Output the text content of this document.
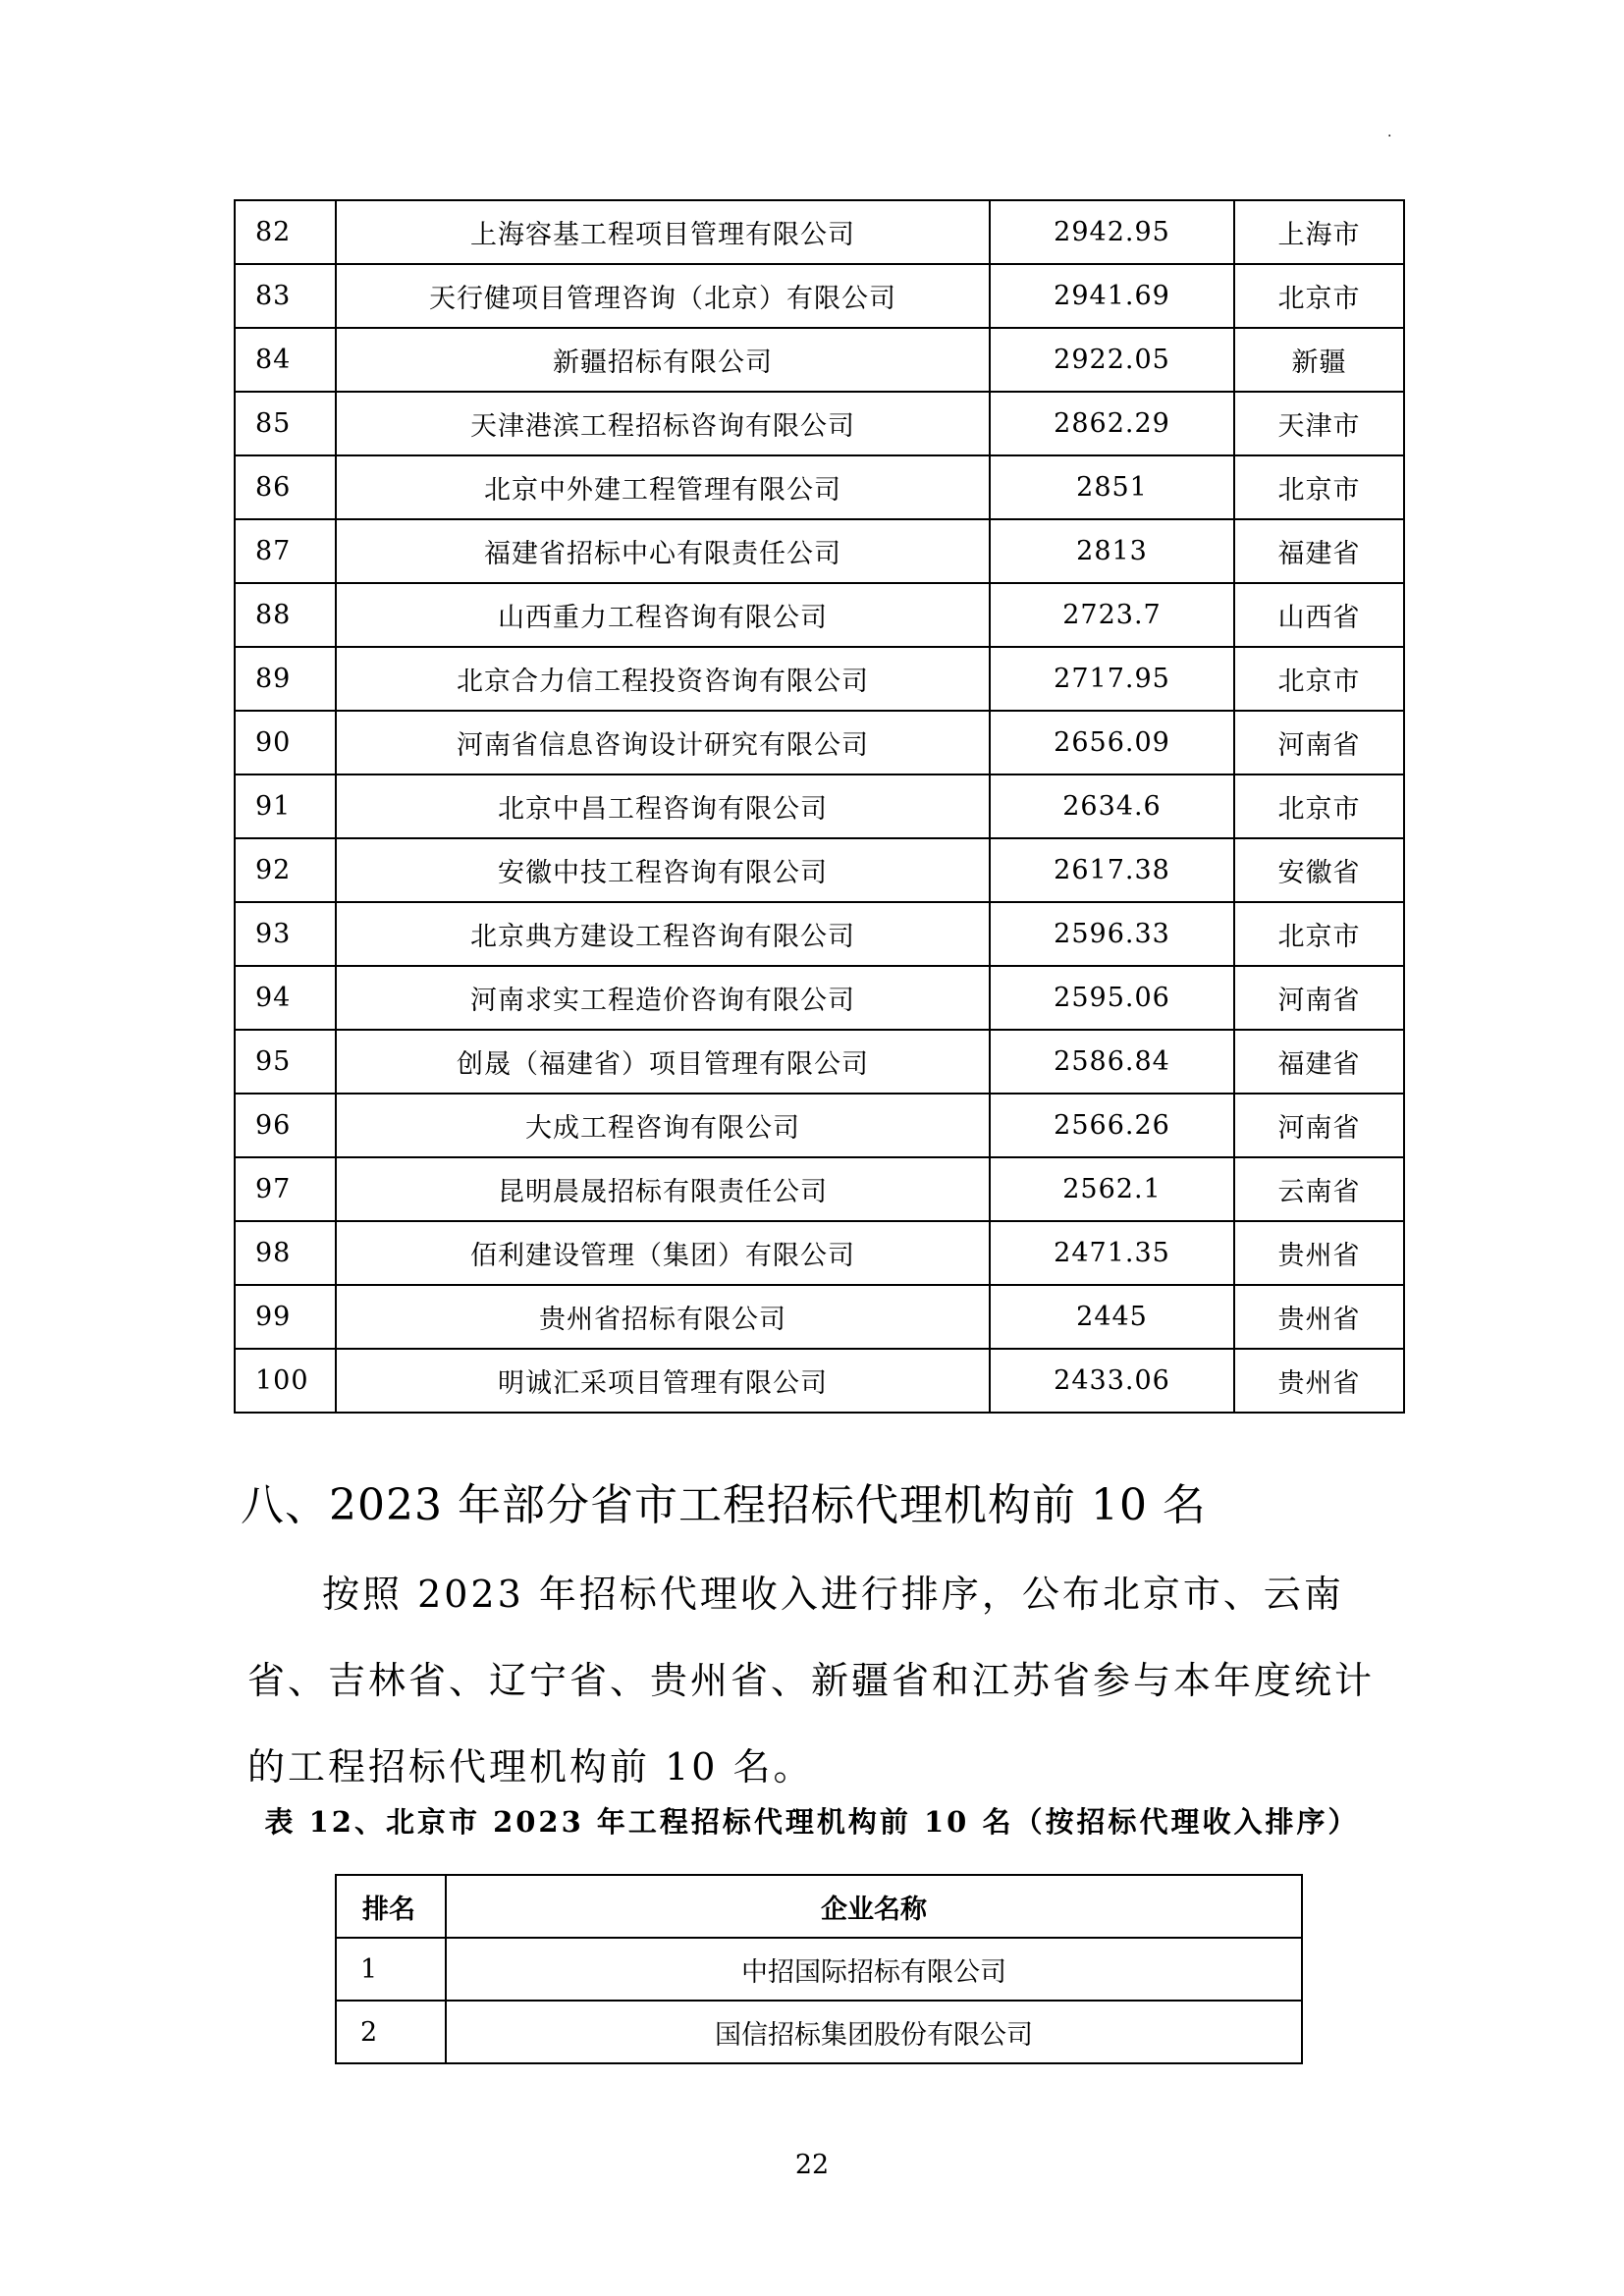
.
82	上海容基工程项目管理有限公司	2942.95	上海市
83	天行健项目管理咨询（北京）有限公司	2941.69	北京市
84	新疆招标有限公司	2922.05	新疆
85	天津港滨工程招标咨询有限公司	2862.29	天津市
86	北京中外建工程管理有限公司	2851	北京市
87	福建省招标中心有限责任公司	2813	福建省
88	山西重力工程咨询有限公司	2723.7	山西省
89	北京合力信工程投资咨询有限公司	2717.95	北京市
90	河南省信息咨询设计研究有限公司	2656.09	河南省
91	北京中昌工程咨询有限公司	2634.6	北京市
92	安徽中技工程咨询有限公司	2617.38	安徽省
93	北京典方建设工程咨询有限公司	2596.33	北京市
94	河南求实工程造价咨询有限公司	2595.06	河南省
95	创晟（福建省）项目管理有限公司	2586.84	福建省
96	大成工程咨询有限公司	2566.26	河南省
97	昆明晨晟招标有限责任公司	2562.1	云南省
98	佰利建设管理（集团）有限公司	2471.35	贵州省
99	贵州省招标有限公司	2445	贵州省
100	明诚汇采项目管理有限公司	2433.06	贵州省
八、2023 年部分省市工程招标代理机构前 10 名

按照 2023 年招标代理收入进行排序，公布北京市、云南省、吉林省、辽宁省、贵州省、新疆省和江苏省参与本年度统计的工程招标代理机构前 10 名。

表 12、北京市 2023 年工程招标代理机构前 10 名（按招标代理收入排序）

排名	企业名称
1	中招国际招标有限公司
2	国信招标集团股份有限公司

22
